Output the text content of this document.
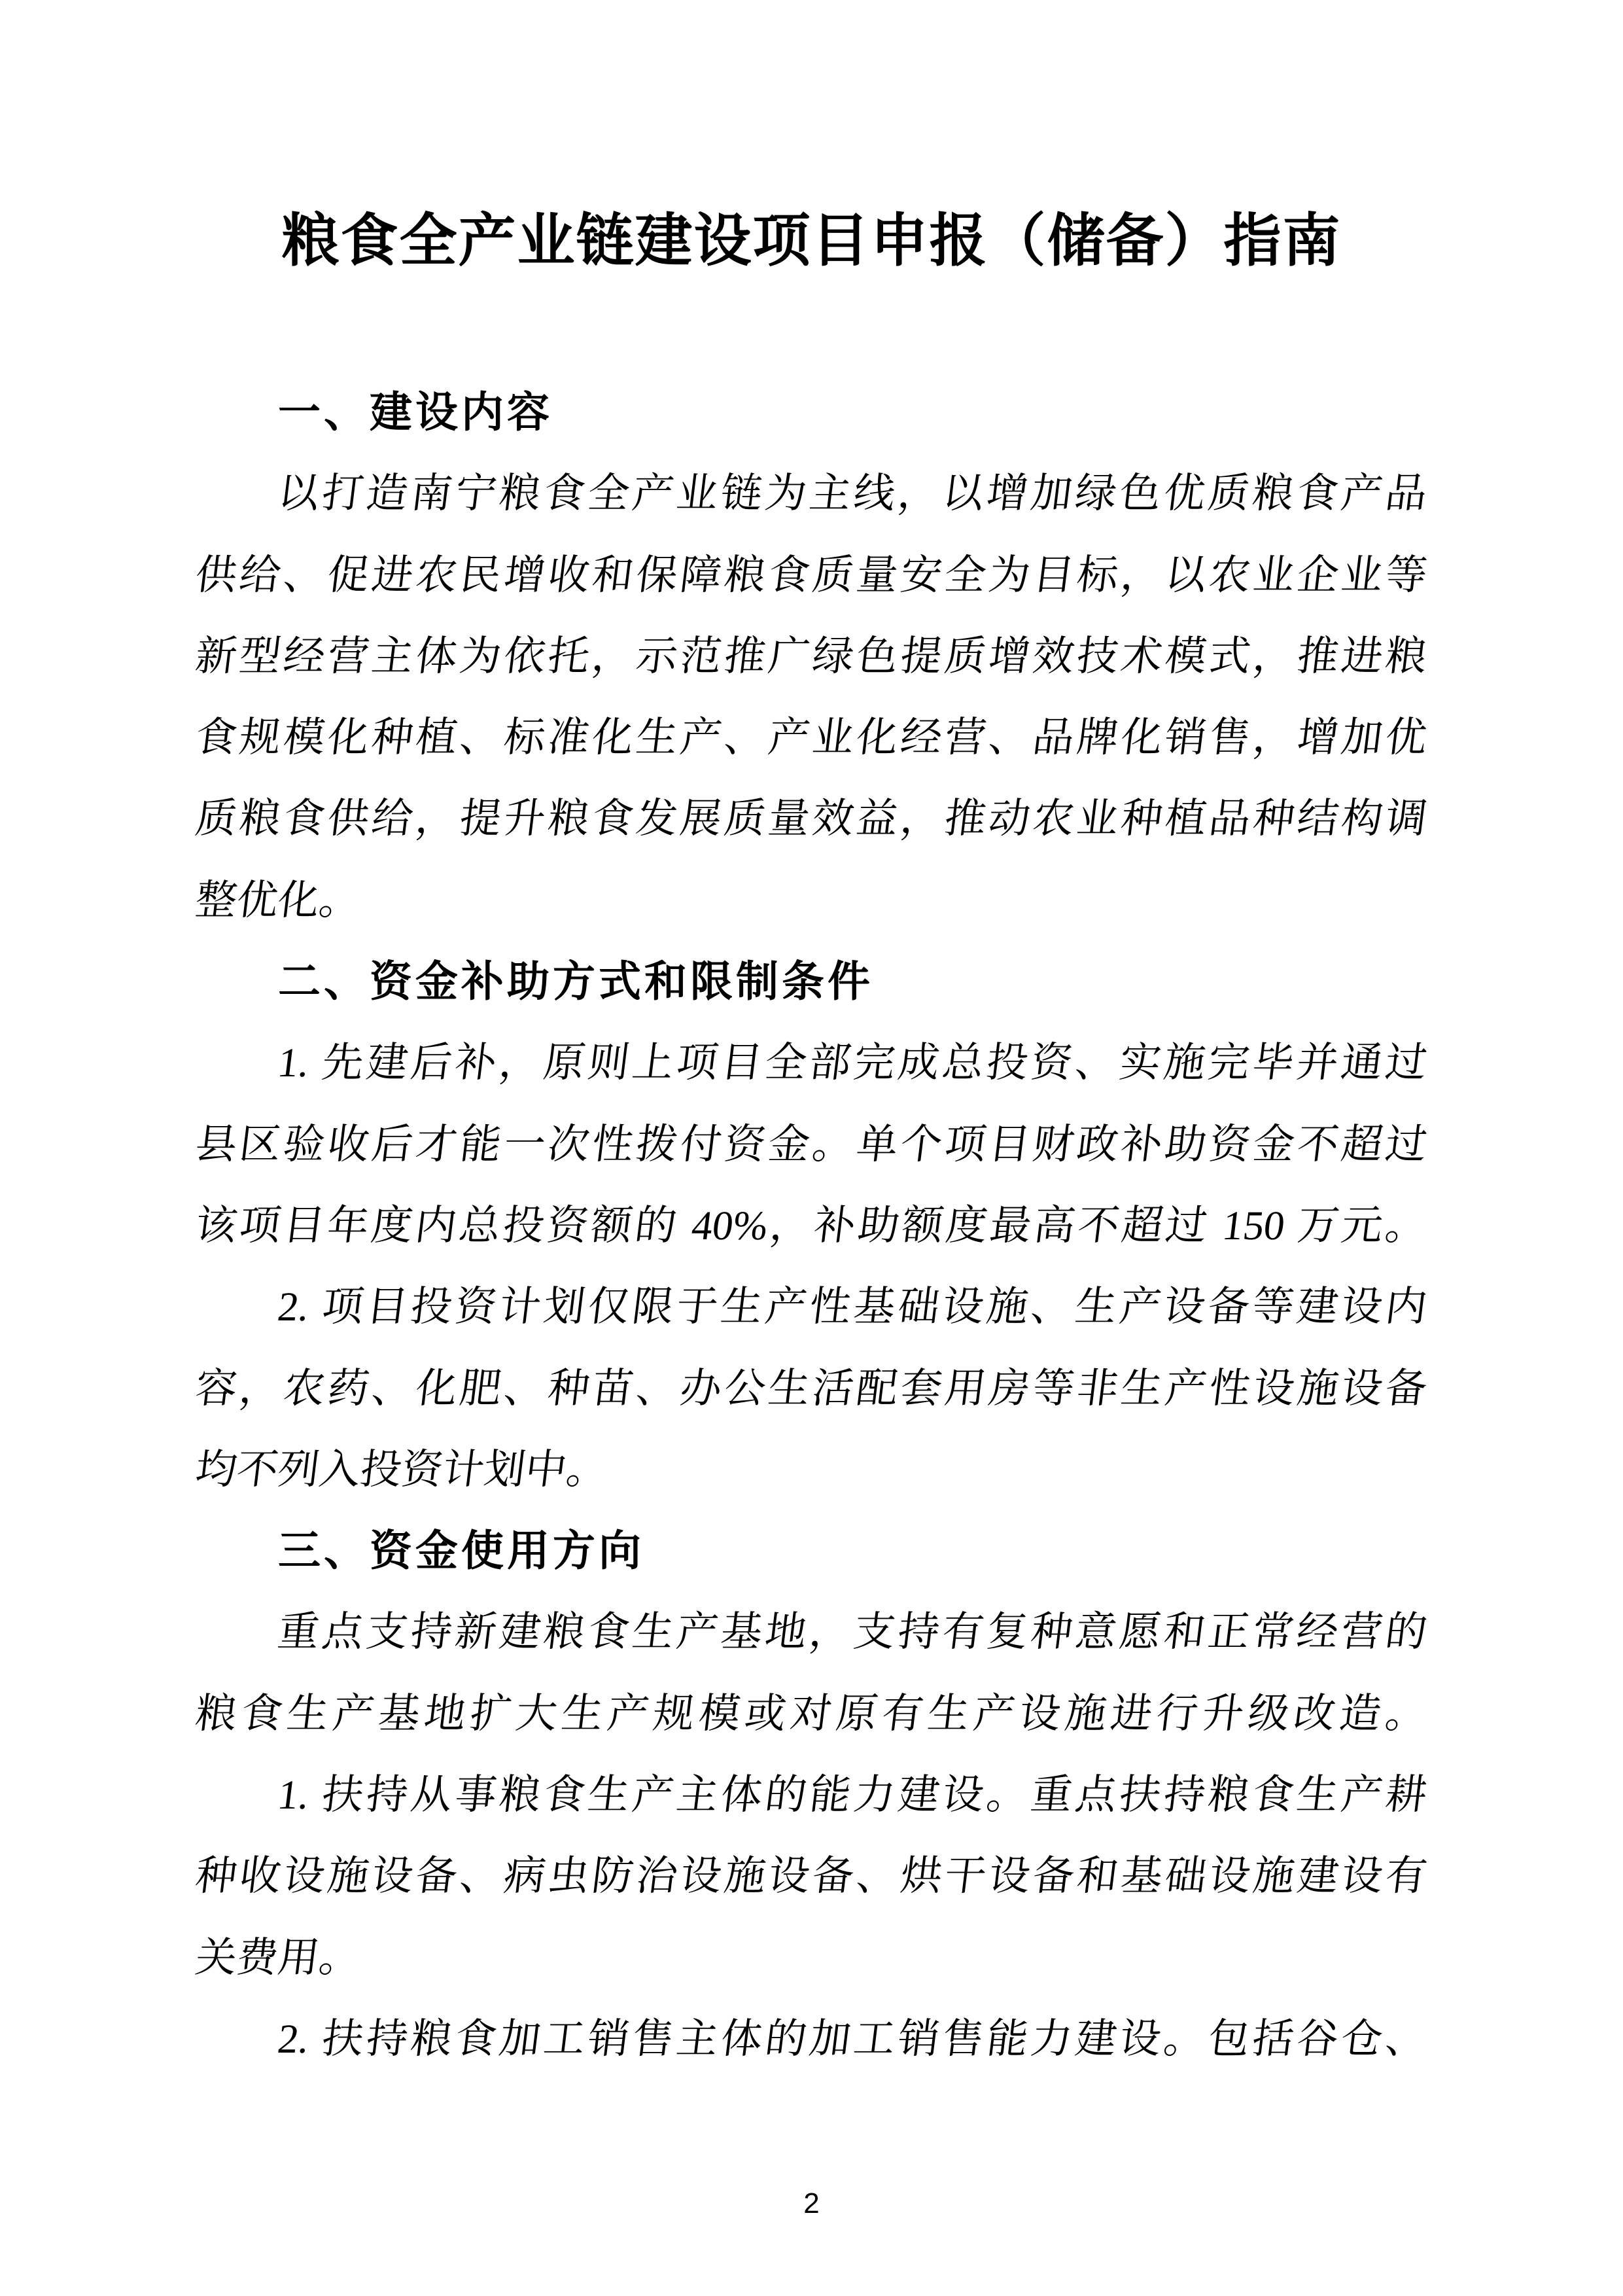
粮食全产业链建设项目申报（储备）指南
一、建设内容
以打造南宁粮食全产业链为主线，以增加绿色优质粮食产品
供给、促进农民增收和保障粮食质量安全为目标，以农业企业等
新型经营主体为依托，示范推广绿色提质增效技术模式，推进粮
食规模化种植、标准化生产、产业化经营、品牌化销售，增加优
质粮食供给，提升粮食发展质量效益，推动农业种植品种结构调
整优化。
二、资金补助方式和限制条件
1. 先建后补，原则上项目全部完成总投资、实施完毕并通过
县区验收后才能一次性拨付资金。单个项目财政补助资金不超过
该项目年度内总投资额的 40%，补助额度最高不超过 150 万元。
2. 项目投资计划仅限于生产性基础设施、生产设备等建设内
容，农药、化肥、种苗、办公生活配套用房等非生产性设施设备
均不列入投资计划中。
三、资金使用方向
重点支持新建粮食生产基地，支持有复种意愿和正常经营的
粮食生产基地扩大生产规模或对原有生产设施进行升级改造。
1. 扶持从事粮食生产主体的能力建设。重点扶持粮食生产耕
种收设施设备、病虫防治设施设备、烘干设备和基础设施建设有
关费用。
2. 扶持粮食加工销售主体的加工销售能力建设。包括谷仓、
2
